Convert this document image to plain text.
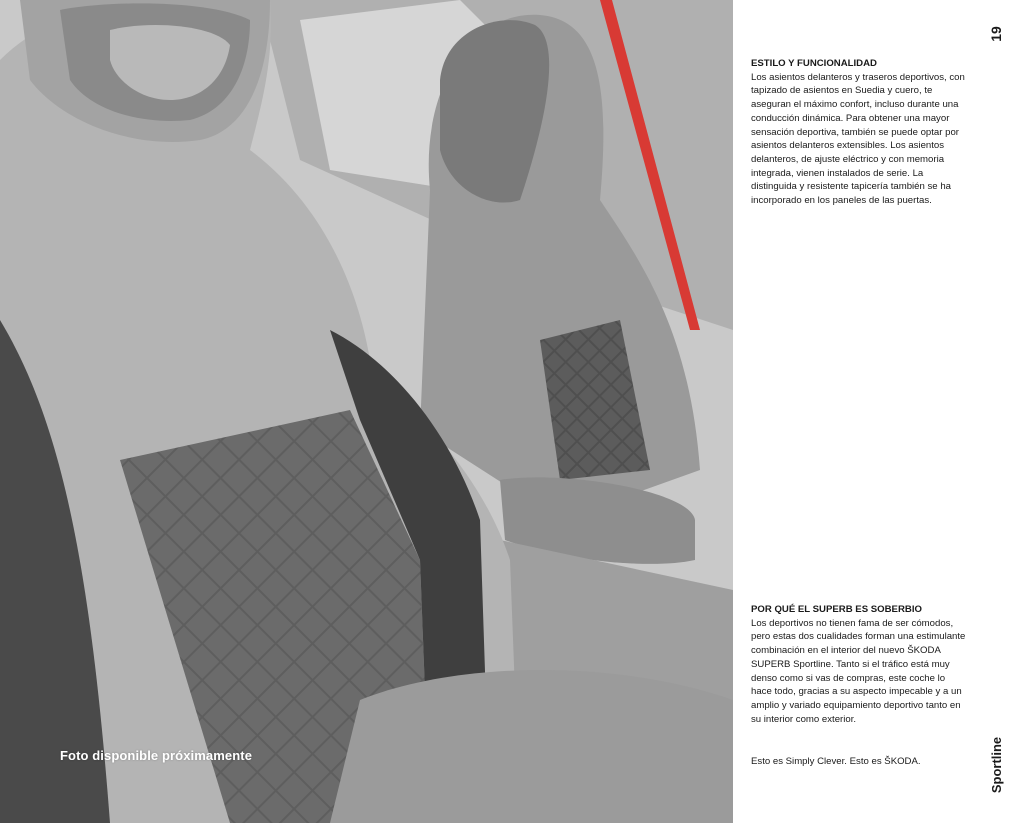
Foto disponible próximamente
19
ESTILO Y FUNCIONALIDAD

Los asientos delanteros y traseros deportivos, con tapizado de asientos en Suedia y cuero, te aseguran el máximo confort, incluso durante una conducción dinámica. Para obtener una mayor sensación deportiva, también se puede optar por asientos delanteros extensibles. Los asientos delanteros, de ajuste eléctrico y con memoria integrada, vienen instalados de serie. La distinguida y resistente tapicería también se ha incorporado en los paneles de las puertas.

POR QUÉ EL SUPERB ES SOBERBIO

Los deportivos no tienen fama de ser cómodos, pero estas dos cualidades forman una estimulante combinación en el interior del nuevo ŠKODA SUPERB Sportline. Tanto si el tráfico está muy denso como si vas de compras, este coche lo hace todo, gracias a su aspecto impecable y a un amplio y variado equipamiento deportivo tanto en su interior como exterior.

Esto es Simply Clever. Esto es ŠKODA.	Sportline
